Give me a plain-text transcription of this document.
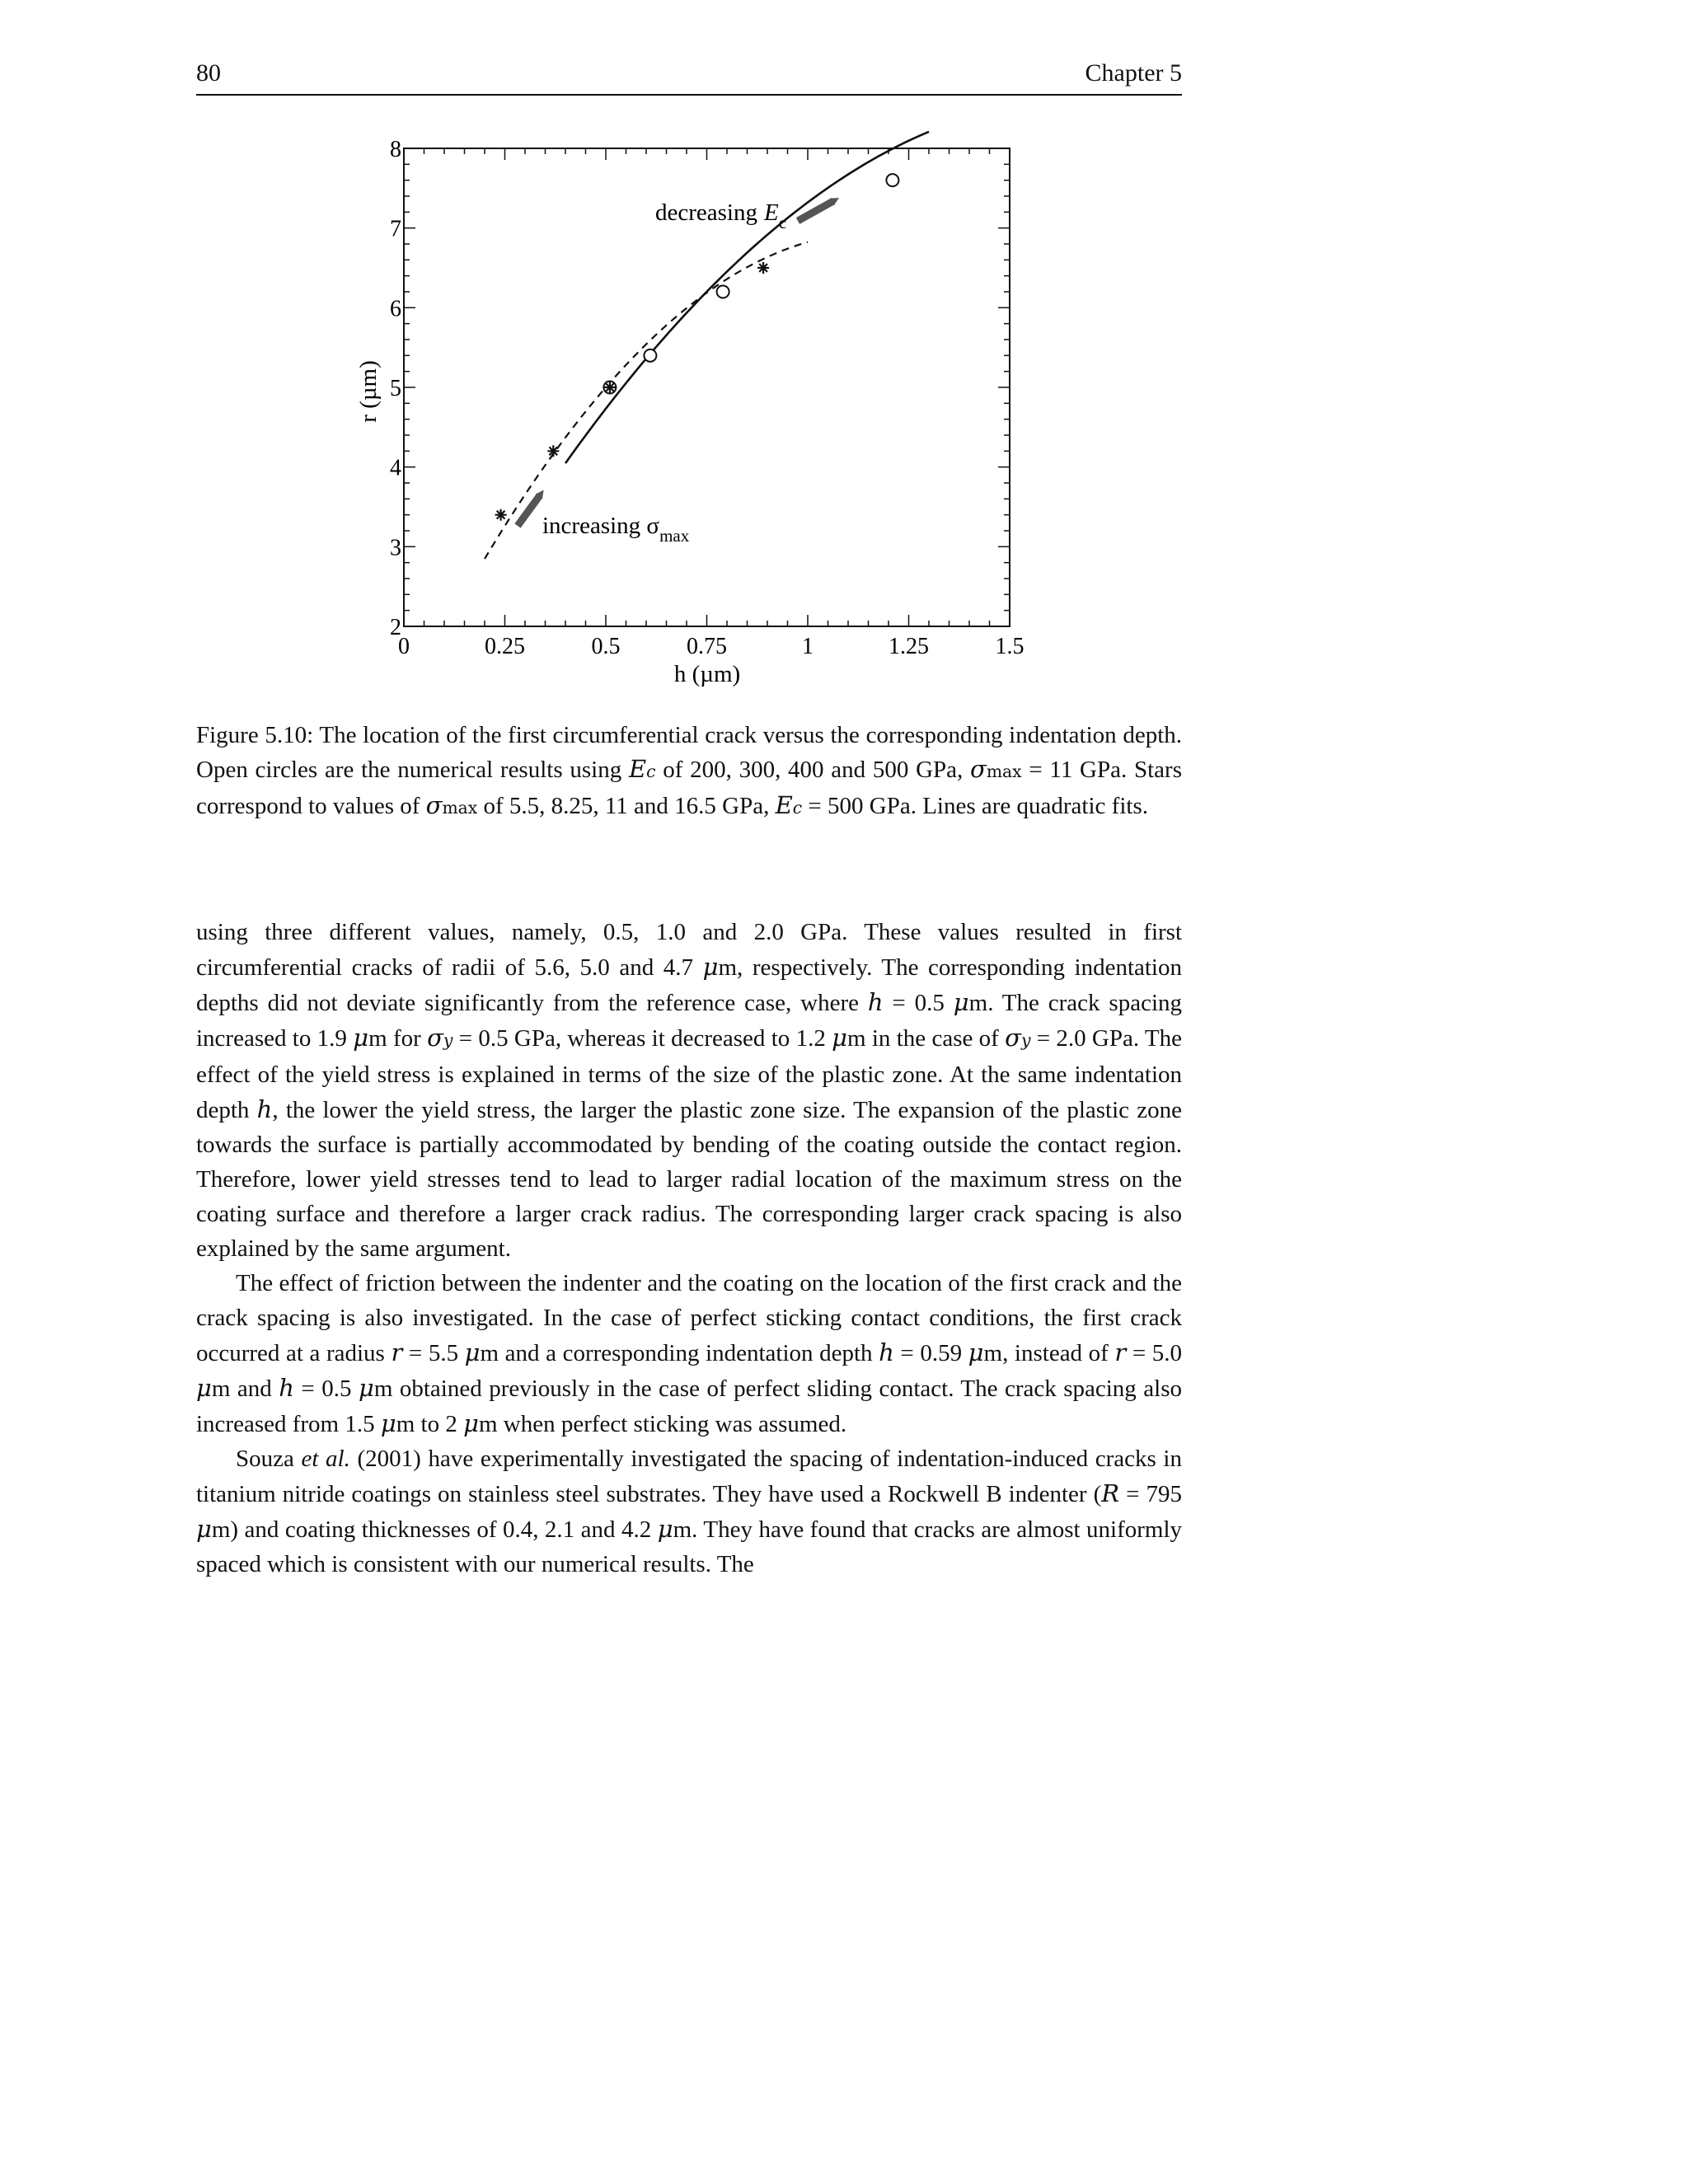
80	Chapter 5
0	0.25	0.5	0.75	1	1.25	1.5
2
3
4
5
6
7
8
h (µm)
r (µm)
decreasing $E_c$
increasing $\sigma_{max}$
Figure 5.10: The location of the first circumferential crack versus the corresponding indentation depth. Open circles are the numerical results using Ec of 200, 300, 400 and 500 GPa, σmax = 11 GPa. Stars correspond to values of σmax of 5.5, 8.25, 11 and 16.5 GPa, Ec = 500 GPa. Lines are quadratic fits.

using three different values, namely, 0.5, 1.0 and 2.0 GPa. These values resulted in first circumferential cracks of radii of 5.6, 5.0 and 4.7 μm, respectively. The corresponding indentation depths did not deviate significantly from the reference case, where h = 0.5 μm. The crack spacing increased to 1.9 μm for σy = 0.5 GPa, whereas it decreased to 1.2 μm in the case of σy = 2.0 GPa. The effect of the yield stress is explained in terms of the size of the plastic zone. At the same indentation depth h, the lower the yield stress, the larger the plastic zone size. The expansion of the plastic zone towards the surface is partially accommodated by bending of the coating outside the contact region. Therefore, lower yield stresses tend to lead to larger radial location of the maximum stress on the coating surface and therefore a larger crack radius. The corresponding larger crack spacing is also explained by the same argument.

The effect of friction between the indenter and the coating on the location of the first crack and the crack spacing is also investigated. In the case of perfect sticking contact conditions, the first crack occurred at a radius r = 5.5 μm and a corresponding indentation depth h = 0.59 μm, instead of r = 5.0 μm and h = 0.5 μm obtained previously in the case of perfect sliding contact. The crack spacing also increased from 1.5 μm to 2 μm when perfect sticking was assumed.

Souza et al. (2001) have experimentally investigated the spacing of indentation-induced cracks in titanium nitride coatings on stainless steel substrates. They have used a Rockwell B indenter (R = 795 μm) and coating thicknesses of 0.4, 2.1 and 4.2 μm. They have found that cracks are almost uniformly spaced which is consistent with our numerical results. The
